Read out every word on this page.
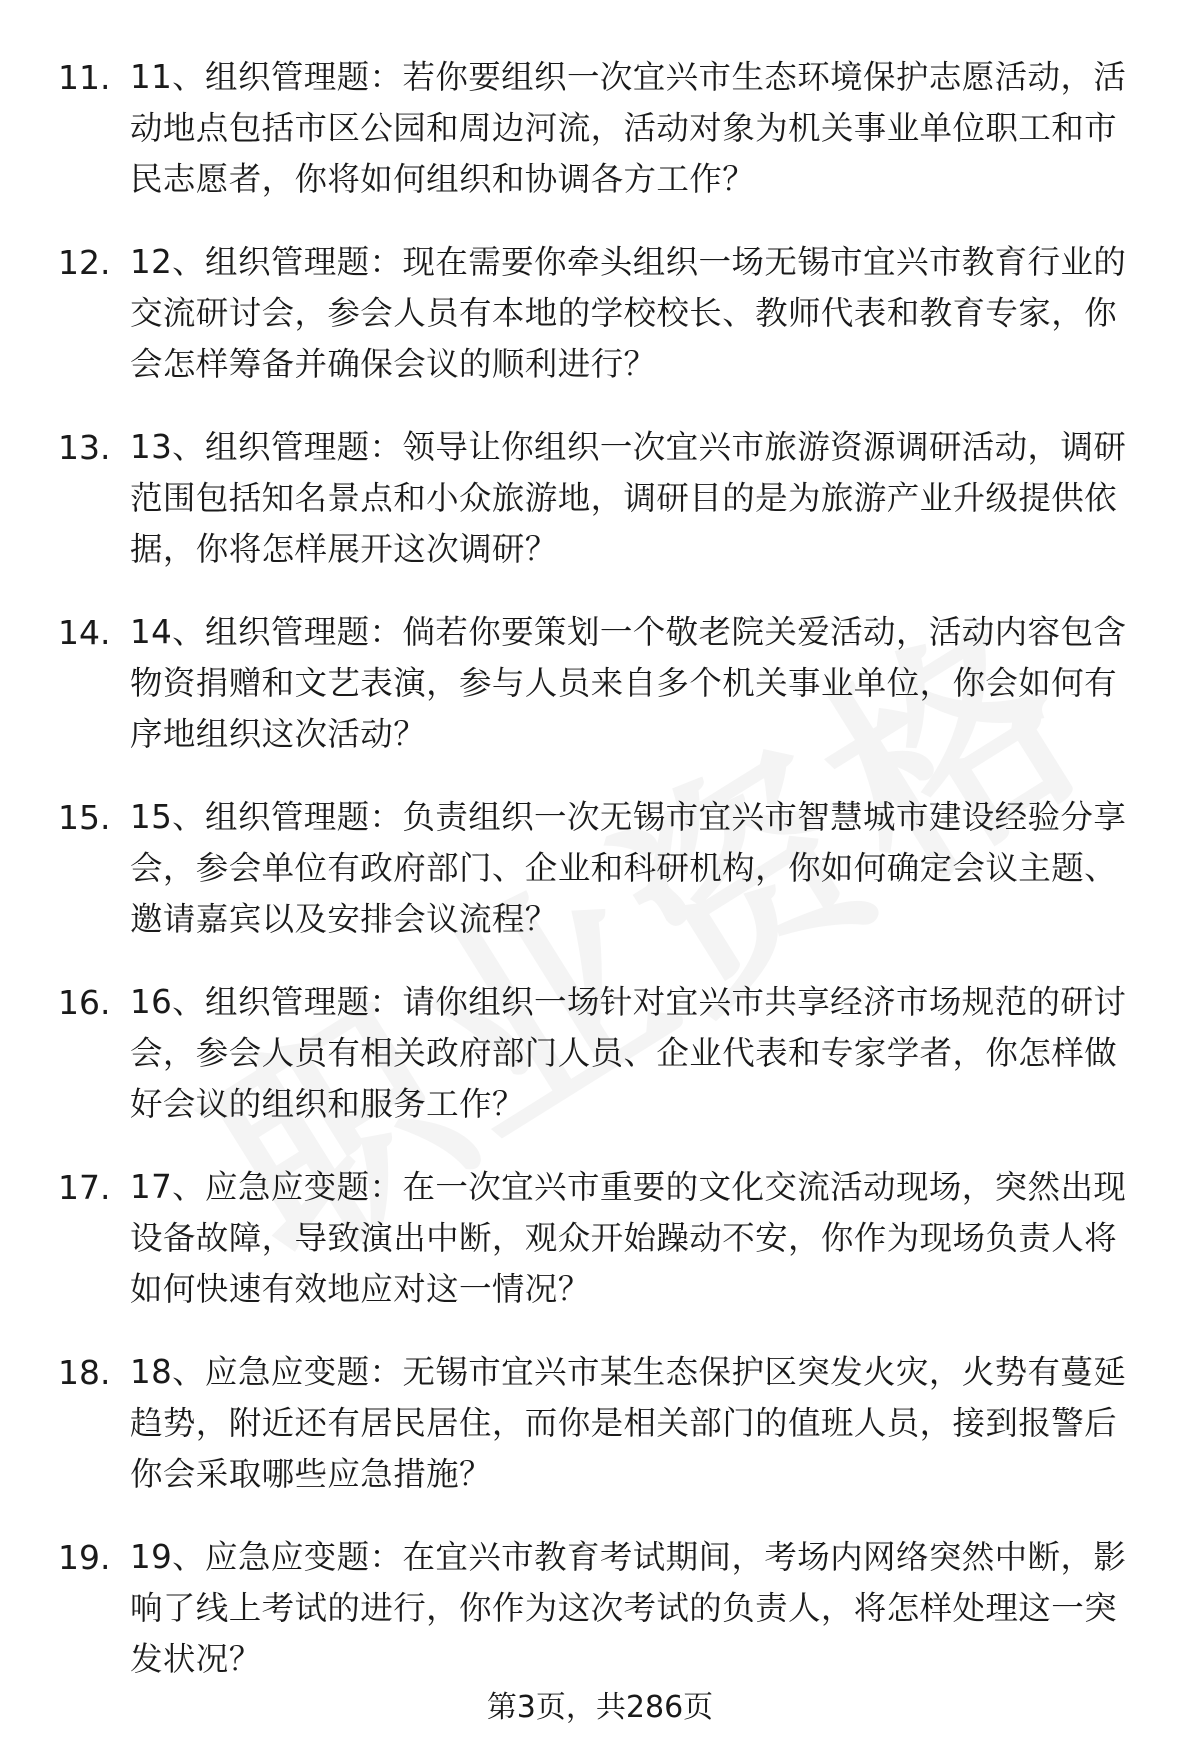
11. 11、组织管理题：若你要组织一次宜兴市生态环境保护志愿活动，活动地点包括市区公园和周边河流，活动对象为机关事业单位职工和市民志愿者，你将如何组织和协调各方工作？
12. 12、组织管理题：现在需要你牵头组织一场无锡市宜兴市教育行业的交流研讨会，参会人员有本地的学校校长、教师代表和教育专家，你会怎样筹备并确保会议的顺利进行？
13. 13、组织管理题：领导让你组织一次宜兴市旅游资源调研活动，调研范围包括知名景点和小众旅游地，调研目的是为旅游产业升级提供依据，你将怎样展开这次调研？
14. 14、组织管理题：倘若你要策划一个敬老院关爱活动，活动内容包含物资捐赠和文艺表演，参与人员来自多个机关事业单位，你会如何有序地组织这次活动？
15. 15、组织管理题：负责组织一次无锡市宜兴市智慧城市建设经验分享会，参会单位有政府部门、企业和科研机构，你如何确定会议主题、邀请嘉宾以及安排会议流程？
16. 16、组织管理题：请你组织一场针对宜兴市共享经济市场规范的研讨会，参会人员有相关政府部门人员、企业代表和专家学者，你怎样做好会议的组织和服务工作？
17. 17、应急应变题：在一次宜兴市重要的文化交流活动现场，突然出现设备故障，导致演出中断，观众开始躁动不安，你作为现场负责人将如何快速有效地应对这一情况？
18. 18、应急应变题：无锡市宜兴市某生态保护区突发火灾，火势有蔓延趋势，附近还有居民居住，而你是相关部门的值班人员，接到报警后你会采取哪些应急措施？
19. 19、应急应变题：在宜兴市教育考试期间，考场内网络突然中断，影响了线上考试的进行，你作为这次考试的负责人，将怎样处理这一突发状况？
第3页，共286页
